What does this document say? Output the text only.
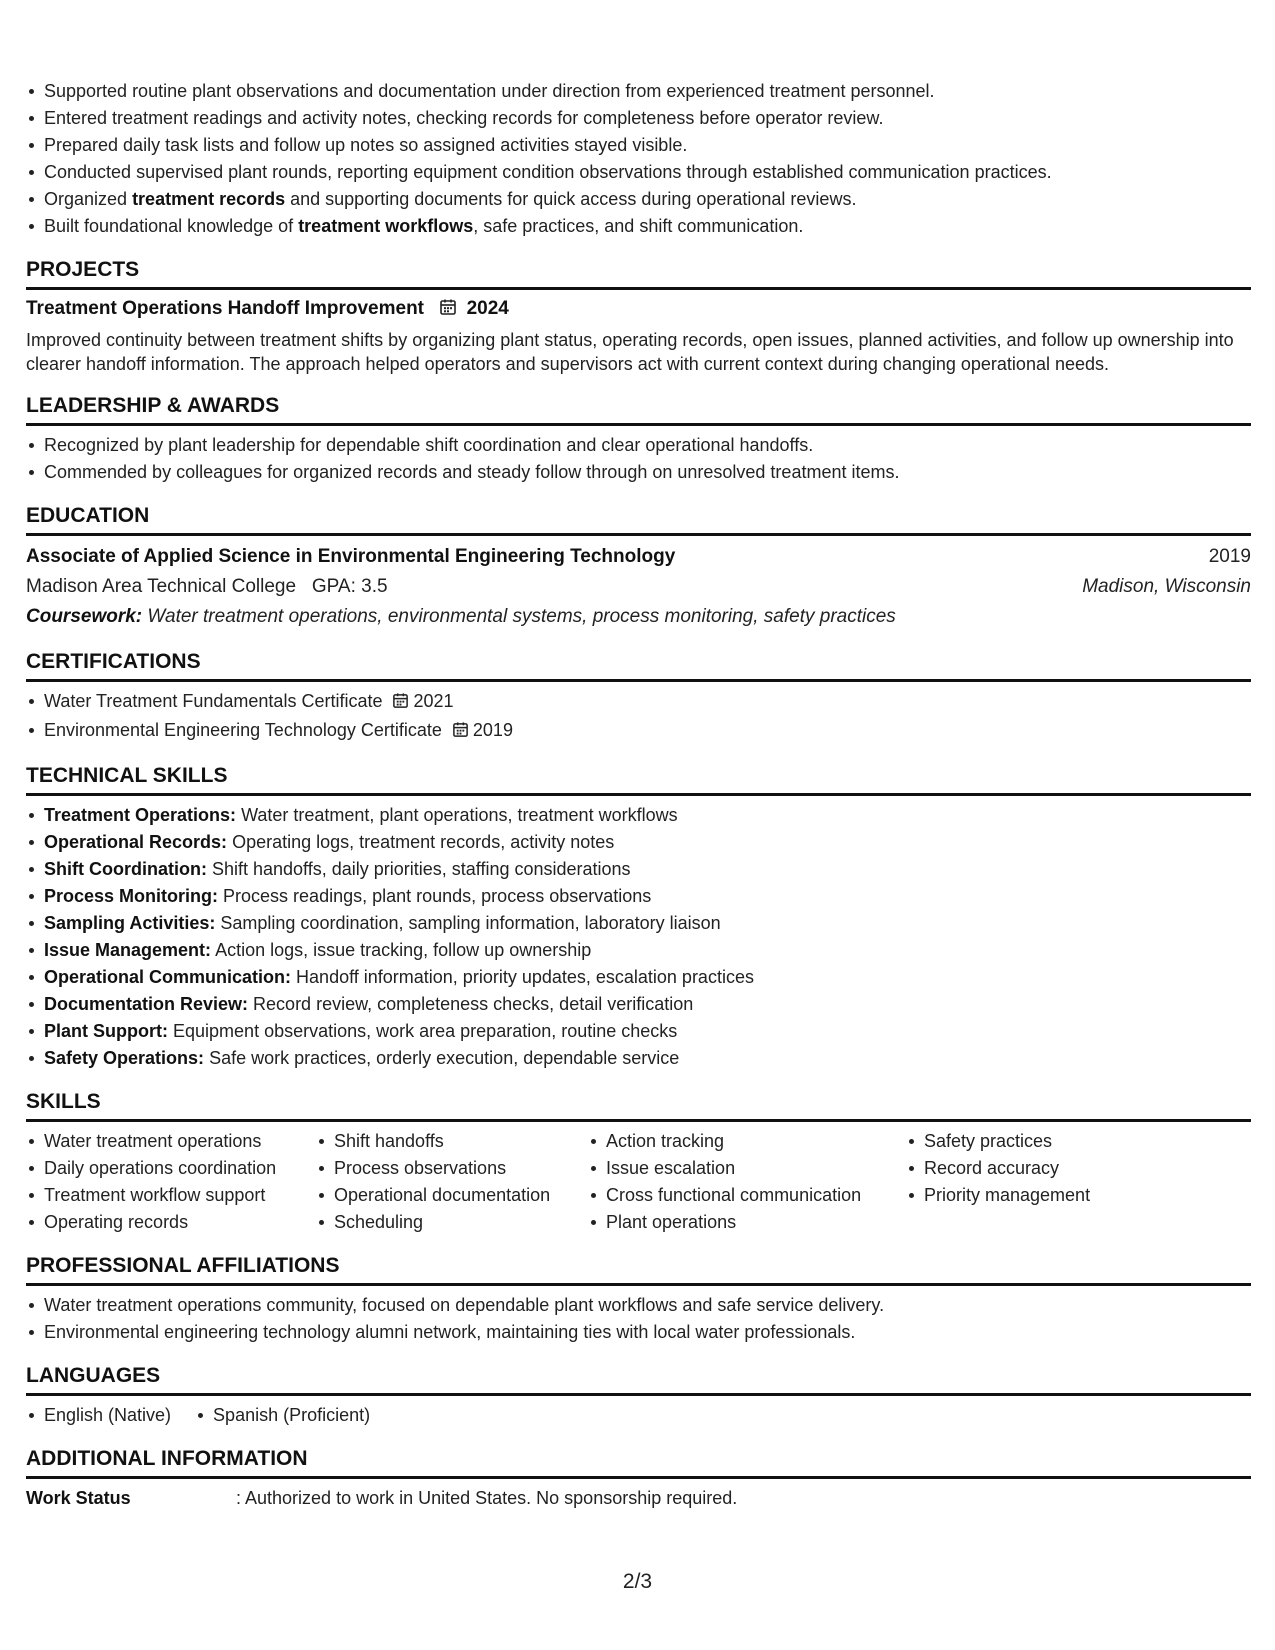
Supported routine plant observations and documentation under direction from experienced treatment personnel.
Entered treatment readings and activity notes, checking records for completeness before operator review.
Prepared daily task lists and follow up notes so assigned activities stayed visible.
Conducted supervised plant rounds, reporting equipment condition observations through established communication practices.
Organized treatment records and supporting documents for quick access during operational reviews.
Built foundational knowledge of treatment workflows, safe practices, and shift communication.
PROJECTS
Treatment Operations Handoff Improvement 2024
Improved continuity between treatment shifts by organizing plant status, operating records, open issues, planned activities, and follow up ownership into clearer handoff information. The approach helped operators and supervisors act with current context during changing operational needs.
LEADERSHIP & AWARDS
Recognized by plant leadership for dependable shift coordination and clear operational handoffs.
Commended by colleagues for organized records and steady follow through on unresolved treatment items.
EDUCATION
Associate of Applied Science in Environmental Engineering Technology	2019
Madison Area Technical College GPA: 3.5	Madison, Wisconsin
Coursework: Water treatment operations, environmental systems, process monitoring, safety practices
CERTIFICATIONS
Water Treatment Fundamentals Certificate 2021
Environmental Engineering Technology Certificate 2019
TECHNICAL SKILLS
Treatment Operations: Water treatment, plant operations, treatment workflows
Operational Records: Operating logs, treatment records, activity notes
Shift Coordination: Shift handoffs, daily priorities, staffing considerations
Process Monitoring: Process readings, plant rounds, process observations
Sampling Activities: Sampling coordination, sampling information, laboratory liaison
Issue Management: Action logs, issue tracking, follow up ownership
Operational Communication: Handoff information, priority updates, escalation practices
Documentation Review: Record review, completeness checks, detail verification
Plant Support: Equipment observations, work area preparation, routine checks
Safety Operations: Safe work practices, orderly execution, dependable service
SKILLS
Water treatment operations
Daily operations coordination
Treatment workflow support
Operating records
Shift handoffs
Process observations
Operational documentation
Scheduling
Action tracking
Issue escalation
Cross functional communication
Plant operations
Safety practices
Record accuracy
Priority management
PROFESSIONAL AFFILIATIONS
Water treatment operations community, focused on dependable plant workflows and safe service delivery.
Environmental engineering technology alumni network, maintaining ties with local water professionals.
LANGUAGES
English (Native)	Spanish (Proficient)
ADDITIONAL INFORMATION
Work Status	: Authorized to work in United States. No sponsorship required.
2/3
